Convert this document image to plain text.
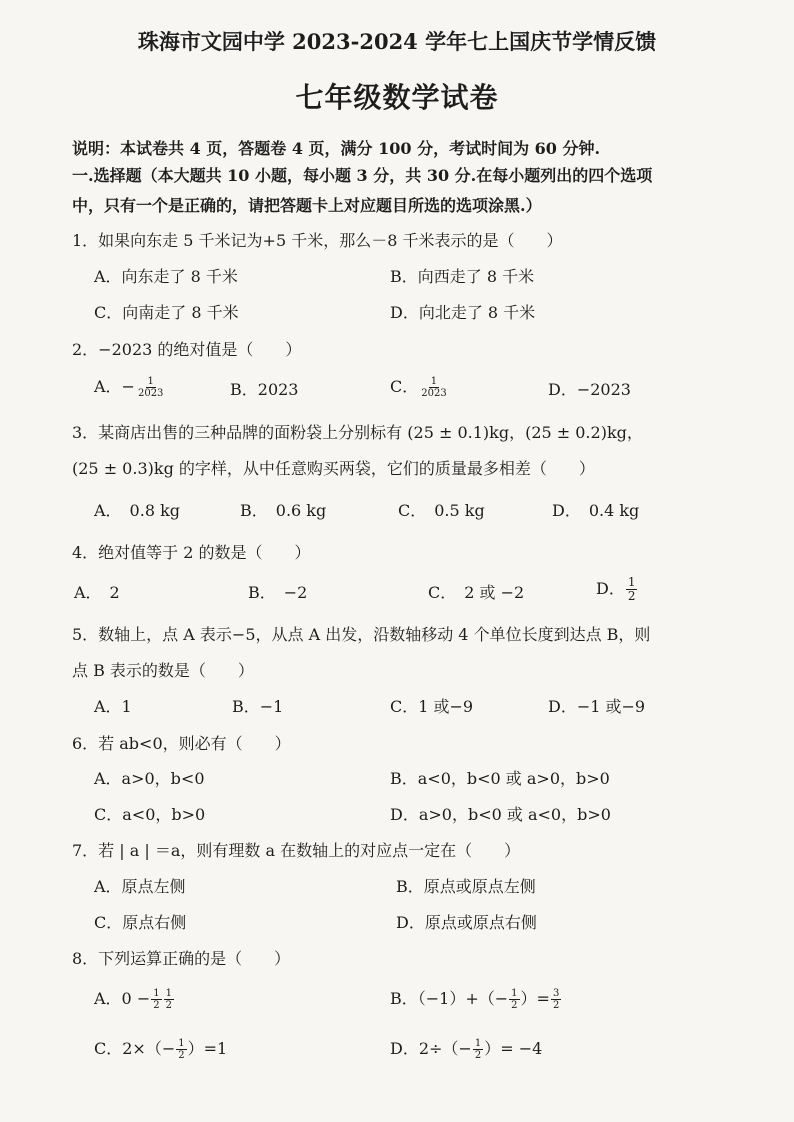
珠海市文园中学 2023-2024 学年七上国庆节学情反馈
七年级数学试卷
说明：本试卷共 4 页，答题卷 4 页，满分 100 分，考试时间为 60 分钟.
一.选择题（本大题共 10 小题，每小题 3 分，共 30 分.在每小题列出的四个选项
中，只有一个是正确的，请把答题卡上对应题目所选的选项涂黑.）
1．如果向东走 5 千米记为+5 千米，那么－8 千米表示的是（　　）
A．向东走了 8 千米	B．向西走了 8 千米
C．向南走了 8 千米	D．向北走了 8 千米
2．−2023 的绝对值是（　　）
A．− $\frac{1}{2023}$	B．2023	C． $\frac{1}{2023}$	D．−2023
3．某商店出售的三种品牌的面粉袋上分别标有 (25 ± 0.1)kg，(25 ± 0.2)kg，
(25 ± 0.3)kg 的字样，从中任意购买两袋，它们的质量最多相差（　　）
A．　0.8 kg	B．　0.6 kg	C．　0.5 kg	D．　0.4 kg
4．绝对值等于 2 的数是（　　）
A．　2	B．　−2	C．　2 或 −2	D． $\frac{1}{2}$
5．数轴上，点 A 表示−5，从点 A 出发，沿数轴移动 4 个单位长度到达点 B，则
点 B 表示的数是（　　）
A．1	B．−1	C．1 或−9	D．−1 或−9
6．若 ab<0，则必有（　　）
A．a>0，b<0	B．a<0，b<0 或 a>0，b>0
C．a<0，b>0	D．a>0，b<0 或 a<0，b>0
7．若 | a | ＝a，则有理数 a 在数轴上的对应点一定在（　　）
A．原点左侧	B．原点或原点左侧
C．原点右侧	D．原点或原点右侧
8．下列运算正确的是（　　）
A．$0 - \frac{1}{2} \frac{1}{2}$	B．$(-1)+(- \frac{1}{2}$ ）= $\frac{3}{2}$
C．$2\times(- \frac{1}{2} )=1$	D．$2\div(- \frac{1}{2}$ ）= −4
